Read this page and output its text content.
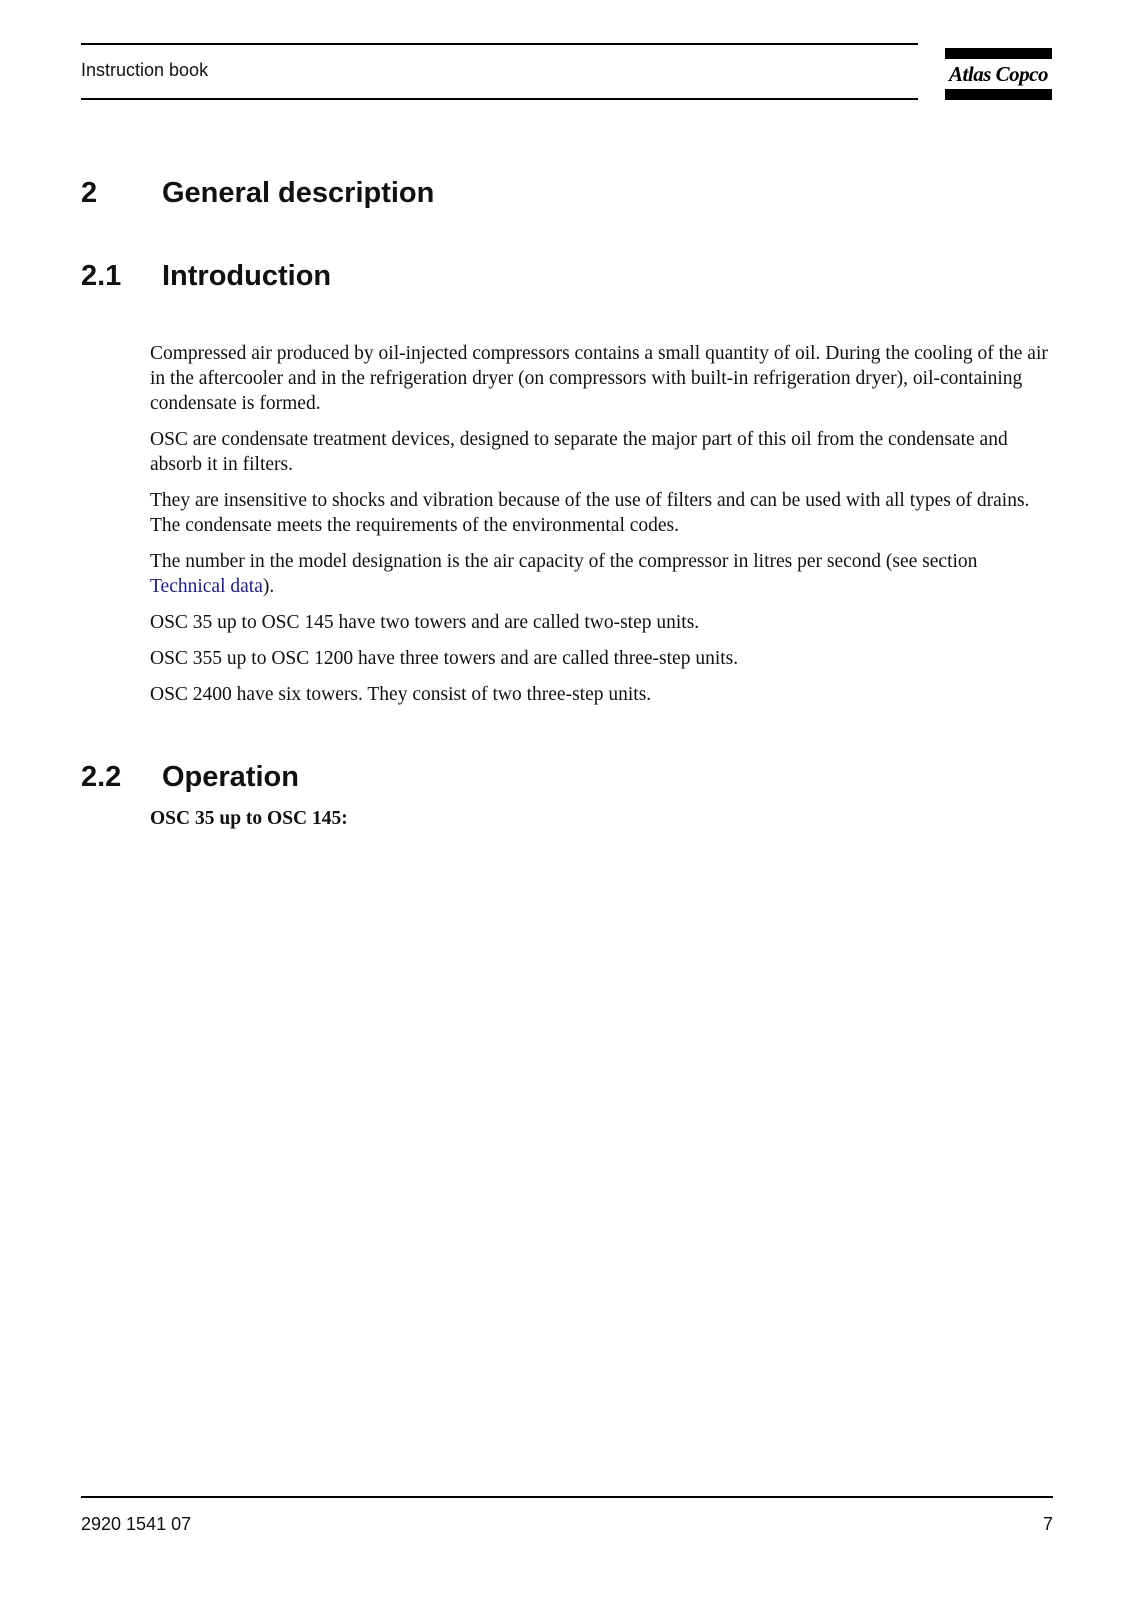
Instruction book	Atlas Copco
2 General description
2.1 Introduction

Compressed air produced by oil-injected compressors contains a small quantity of oil. During the cooling of the air in the aftercooler and in the refrigeration dryer (on compressors with built-in refrigeration dryer), oil-containing condensate is formed.

OSC are condensate treatment devices, designed to separate the major part of this oil from the condensate and absorb it in filters.

They are insensitive to shocks and vibration because of the use of filters and can be used with all types of drains. The condensate meets the requirements of the environmental codes.

The number in the model designation is the air capacity of the compressor in litres per second (see section Technical data).

OSC 35 up to OSC 145 have two towers and are called two-step units.

OSC 355 up to OSC 1200 have three towers and are called three-step units.

OSC 2400 have six towers. They consist of two three-step units.

2.2 Operation
OSC 35 up to OSC 145:
2920 1541 07	7
